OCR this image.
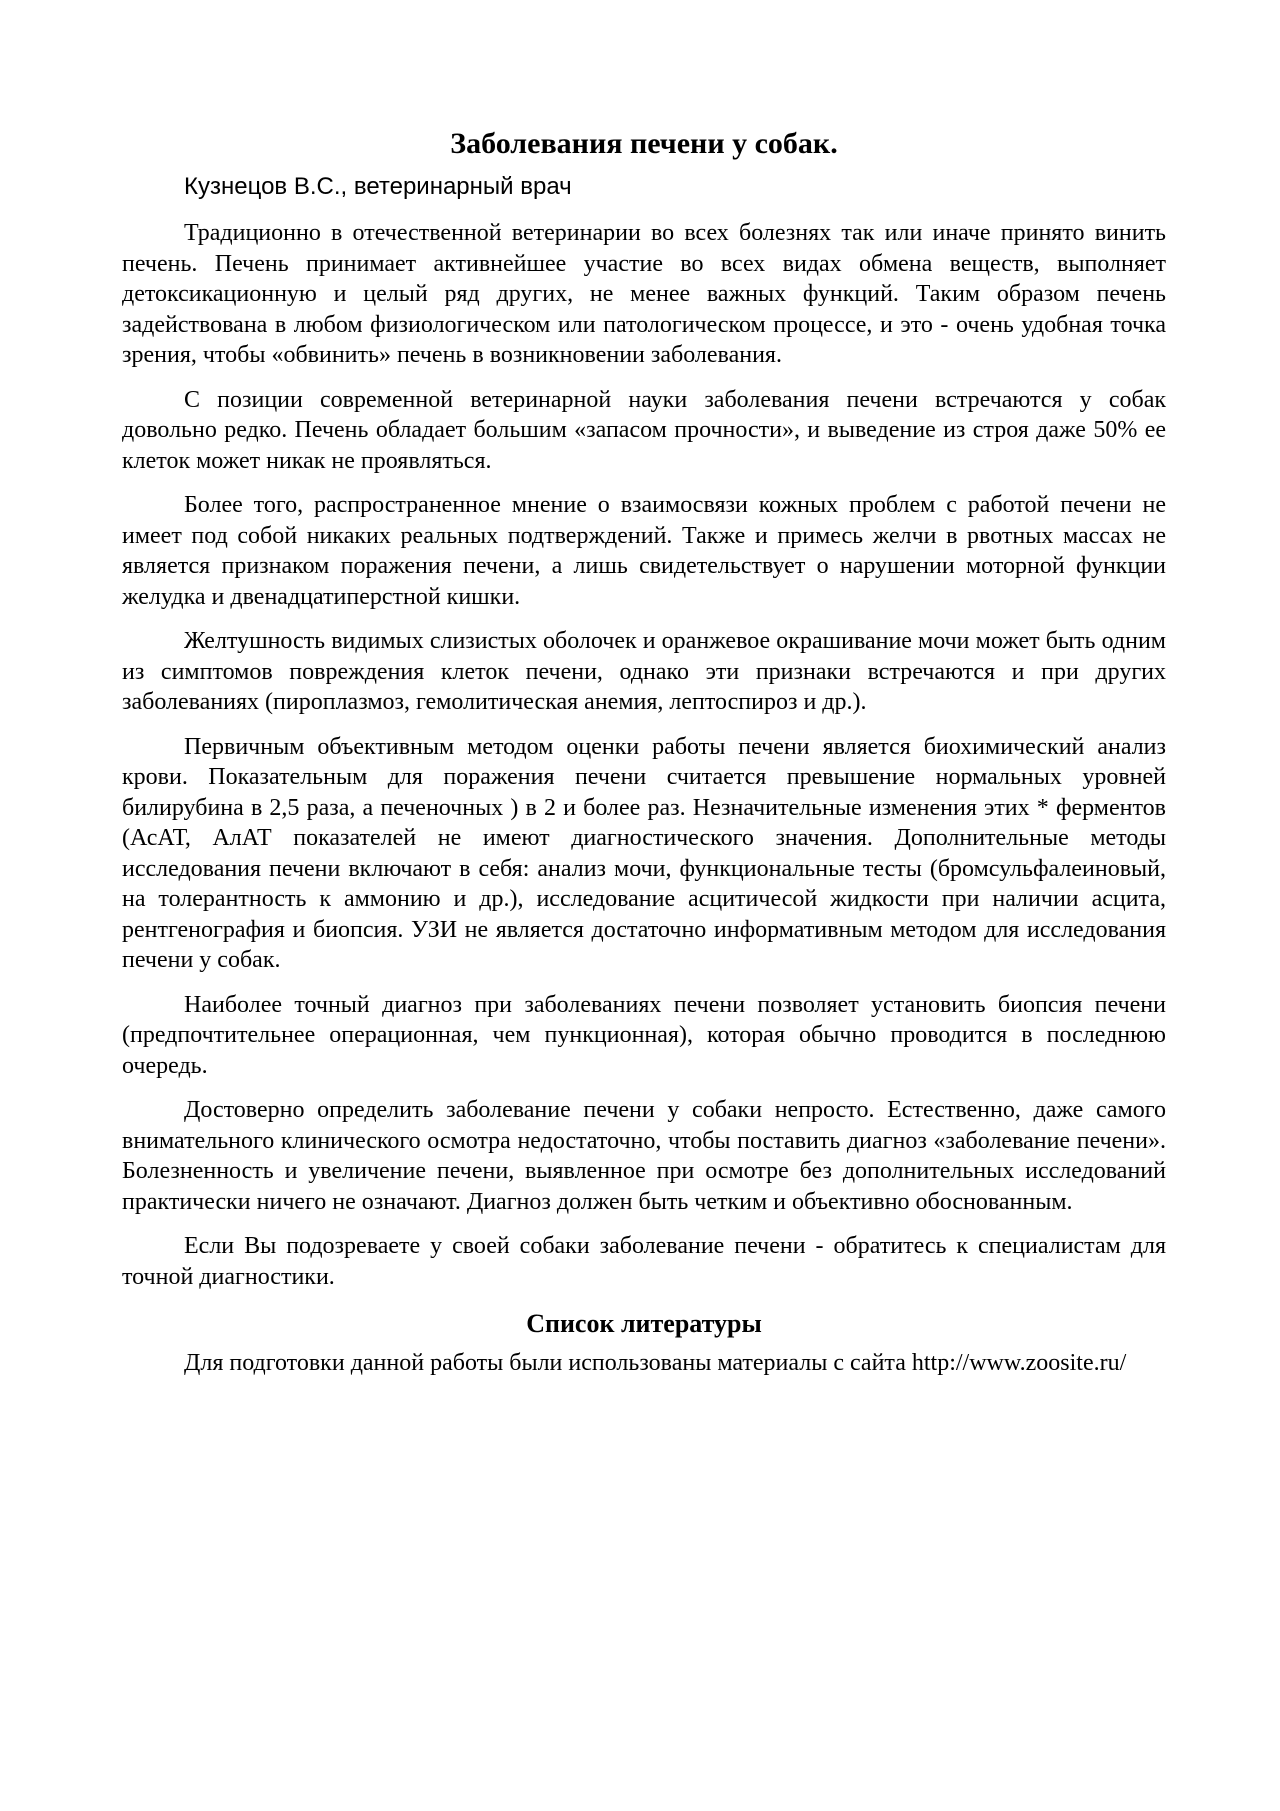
Заболевания печени у собак.
Кузнецов В.С., ветеринарный врач

Традиционно в отечественной ветеринарии во всех болезнях так или иначе принято винить печень. Печень принимает активнейшее участие во всех видах обмена веществ, выполняет детоксикационную и целый ряд других, не менее важных функций. Таким образом печень задействована в любом физиологическом или патологическом процессе, и это - очень удобная точка зрения, чтобы «обвинить» печень в возникновении заболевания.

С позиции современной ветеринарной науки заболевания печени встречаются у собак довольно редко. Печень обладает большим «запасом прочности», и выведение из строя даже 50% ее клеток может никак не проявляться.

Более того, распространенное мнение о взаимосвязи кожных проблем с работой печени не имеет под собой никаких реальных подтверждений. Также и примесь желчи в рвотных массах не является признаком поражения печени, а лишь свидетельствует о нарушении моторной функции желудка и двенадцатиперстной кишки.

Желтушность видимых слизистых оболочек и оранжевое окрашивание мочи может быть одним из симптомов повреждения клеток печени, однако эти признаки встречаются и при других заболеваниях (пироплазмоз, гемолитическая анемия, лептоспироз и др.).

Первичным объективным методом оценки работы печени является биохимический анализ крови. Показательным для поражения печени считается превышение нормальных уровней билирубина в 2,5 раза, а печеночных ) в 2 и более раз. Незначительные изменения этих * ферментов (АсАТ, АлАТ показателей не имеют диагностического значения. Дополнительные методы исследования печени включают в себя: анализ мочи, функциональные тесты (бромсульфалеиновый, на толерантность к аммонию и др.), исследование асцитичесой жидкости при наличии асцита, рентгенография и биопсия. УЗИ не является достаточно информативным методом для исследования печени у собак.

Наиболее точный диагноз при заболеваниях печени позволяет установить биопсия печени (предпочтительнее операционная, чем пункционная), которая обычно проводится в последнюю очередь.

Достоверно определить заболевание печени у собаки непросто. Естественно, даже самого внимательного клинического осмотра недостаточно, чтобы поставить диагноз «заболевание печени». Болезненность и увеличение печени, выявленное при осмотре без дополнительных исследований практически ничего не означают. Диагноз должен быть четким и объективно обоснованным.

Если Вы подозреваете у своей собаки заболевание печени - обратитесь к специалистам для точной диагностики.

Список литературы

Для подготовки данной работы были использованы материалы с сайта http://www.zoosite.ru/
